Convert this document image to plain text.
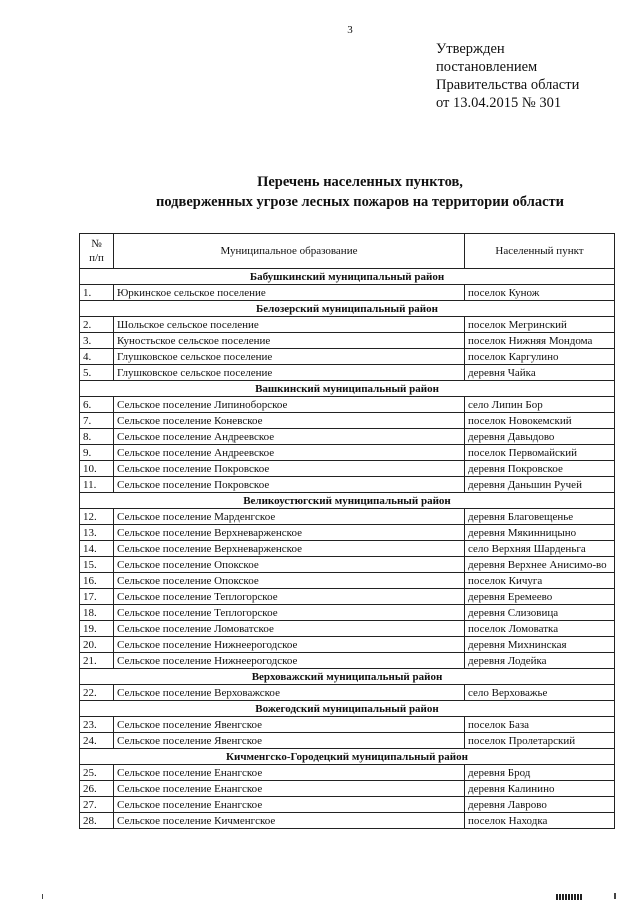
3
Утвержден
постановлением
Правительства области
от 13.04.2015 № 301
Перечень населенных пунктов,
подверженных угрозе лесных пожаров на территории области
№
п/п	Муниципальное образование	Населенный пункт
Бабушкинский муниципальный район		
1.	Юркинское сельское поселение	поселок Кунож
Белозерский муниципальный район		
2.	Шольское сельское поселение	поселок Мегринский
3.	Куностьское сельское поселение	поселок Нижняя Мондома
4.	Глушковское сельское поселение	поселок Каргулино
5.	Глушковское сельское поселение	деревня Чайка
Вашкинский муниципальный район		
6.	Сельское поселение Липиноборское	село Липин Бор
7.	Сельское поселение Коневское	поселок Новокемский
8.	Сельское поселение Андреевское	деревня Давыдово
9.	Сельское поселение Андреевское	поселок Первомайский
10.	Сельское поселение Покровское	деревня Покровское
11.	Сельское поселение Покровское	деревня Даньшин Ручей
Великоустюгский муниципальный район		
12.	Сельское поселение Марденгское	деревня Благовещенье
13.	Сельское поселение Верхневарженское	деревня Мякинницыно
14.	Сельское поселение Верхневарженское	село Верхняя Шарденьга
15.	Сельское поселение Опокское	деревня Верхнее Анисимо-во
16.	Сельское поселение Опокское	поселок Кичуга
17.	Сельское поселение Теплогорское	деревня Еремеево
18.	Сельское поселение Теплогорское	деревня Слизовица
19.	Сельское поселение Ломоватское	поселок Ломоватка
20.	Сельское поселение Нижнеерогодское	деревня Михнинская
21.	Сельское поселение Нижнеерогодское	деревня Лодейка
Верховажский муниципальный район		
22.	Сельское поселение Верховажское	село Верховажье
Вожегодский муниципальный район		
23.	Сельское поселение Явенгское	поселок База
24.	Сельское поселение Явенгское	поселок Пролетарский
Кичменгско-Городецкий муниципальный район		
25.	Сельское поселение Енангское	деревня Брод
26.	Сельское поселение Енангское	деревня Калинино
27.	Сельское поселение Енангское	деревня Лаврово
28.	Сельское поселение Кичменгское	поселок Находка
